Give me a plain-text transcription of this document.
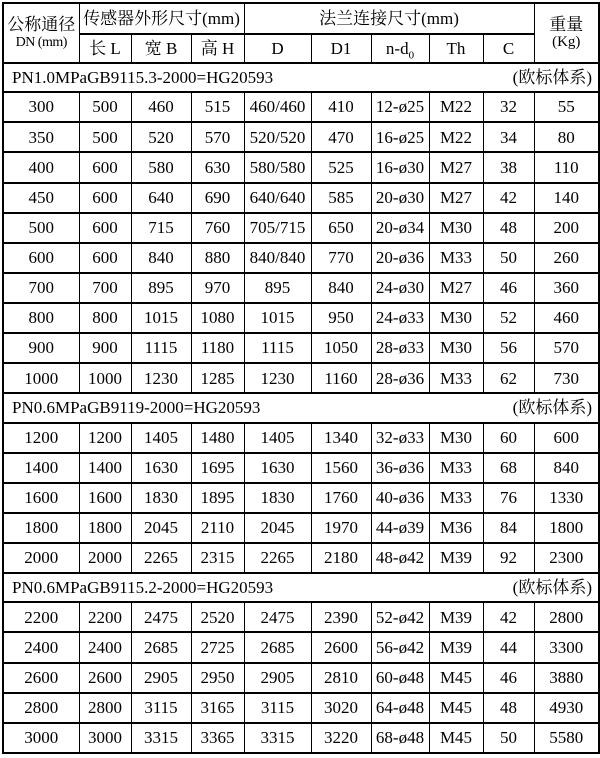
公称通径
DN (mm)	传感器外形尺寸(mm)			法兰连接尺寸(mm)					重量
(Kg)

	长 L	宽 B	高 H	D	D1	$n-d_0$	Th	C	

PN1.0MPa GB9115.3-2000=HG20593 (欧标体系)									

300	500	460	515	460/460	410	12-ø25	M22	32	55
350	500	520	570	520/520	470	16-ø25	M22	34	80
400	600	580	630	580/580	525	16-ø30	M27	38	110
450	600	640	690	640/640	585	20-ø30	M27	42	140
500	600	715	760	705/715	650	20-ø34	M30	48	200
600	600	840	880	840/840	770	20-ø36	M33	50	260
700	700	895	970	895	840	24-ø30	M27	46	360
800	800	1015	1080	1015	950	24-ø33	M30	52	460
900	900	1115	1180	1115	1050	28-ø33	M30	56	570
1000	1000	1230	1285	1230	1160	28-ø36	M33	62	730

PN0.6MPa GB9119-2000=HG20593 (欧标体系)									

1200	1200	1405	1480	1405	1340	32-ø33	M30	60	600
1400	1400	1630	1695	1630	1560	36-ø36	M33	68	840
1600	1600	1830	1895	1830	1760	40-ø36	M33	76	1330
1800	1800	2045	2110	2045	1970	44-ø39	M36	84	1800
2000	2000	2265	2315	2265	2180	48-ø42	M39	92	2300

PN0.6MPa GB9115.2-2000=HG20593 (欧标体系)									

2200	2200	2475	2520	2475	2390	52-ø42	M39	42	2800
2400	2400	2685	2725	2685	2600	56-ø42	M39	44	3300
2600	2600	2905	2950	2905	2810	60-ø48	M45	46	3880
2800	2800	3115	3165	3115	3020	64-ø48	M45	48	4930
3000	3000	3315	3365	3315	3220	68-ø48	M45	50	5580
